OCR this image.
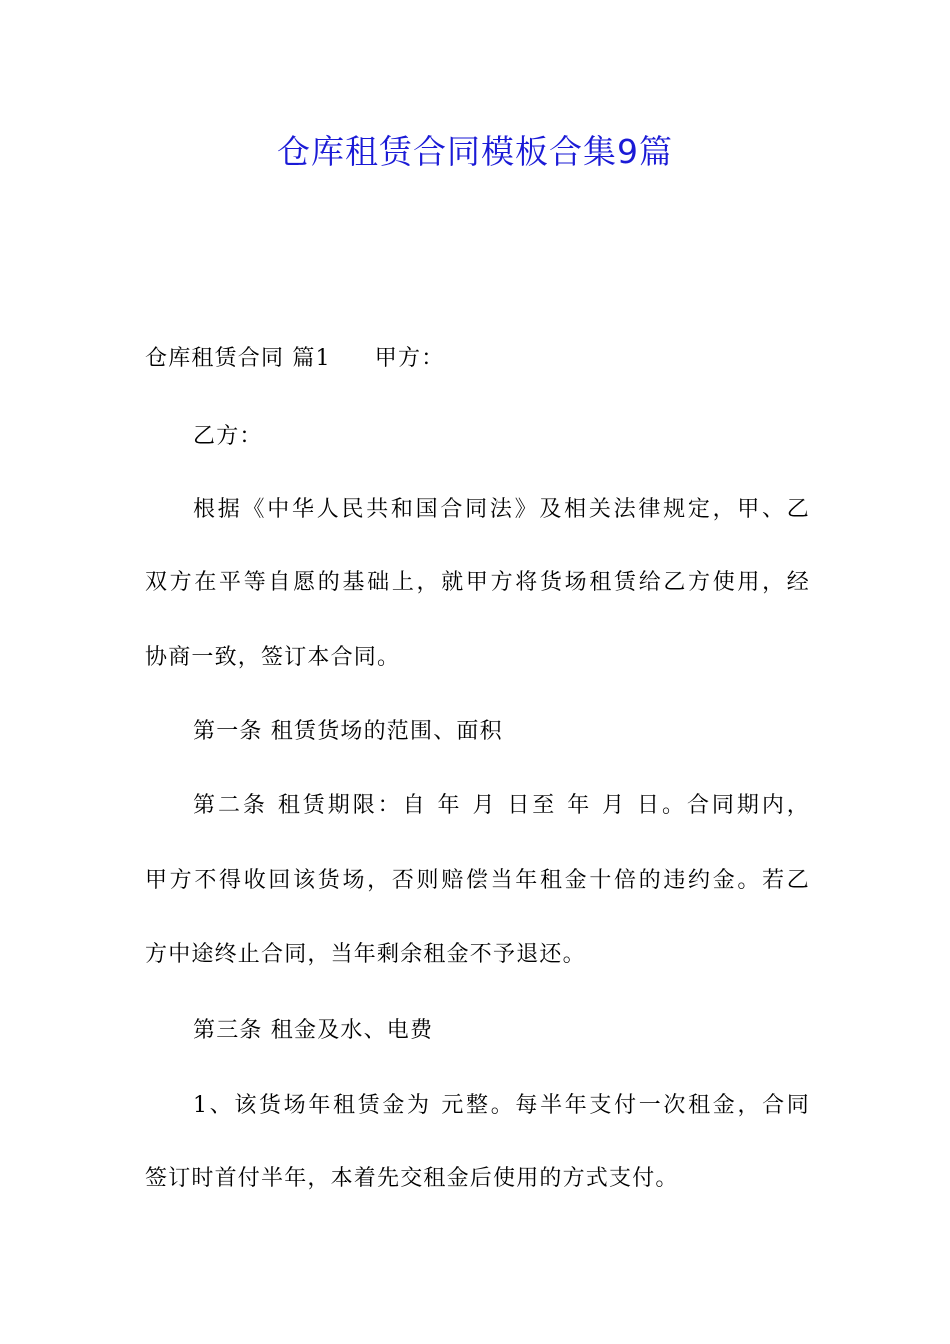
仓库租赁合同模板合集9篇
仓库租赁合同 篇1 甲方：
乙方：
根据《中华人民共和国合同法》及相关法律规定，甲、乙
双方在平等自愿的基础上，就甲方将货场租赁给乙方使用，经
协商一致，签订本合同。
第一条 租赁货场的范围、面积
第二条 租赁期限：自 年 月 日至 年 月 日。合同期内，
甲方不得收回该货场，否则赔偿当年租金十倍的违约金。若乙
方中途终止合同，当年剩余租金不予退还。
第三条 租金及水、电费
1、该货场年租赁金为 元整。每半年支付一次租金，合同
签订时首付半年，本着先交租金后使用的方式支付。
